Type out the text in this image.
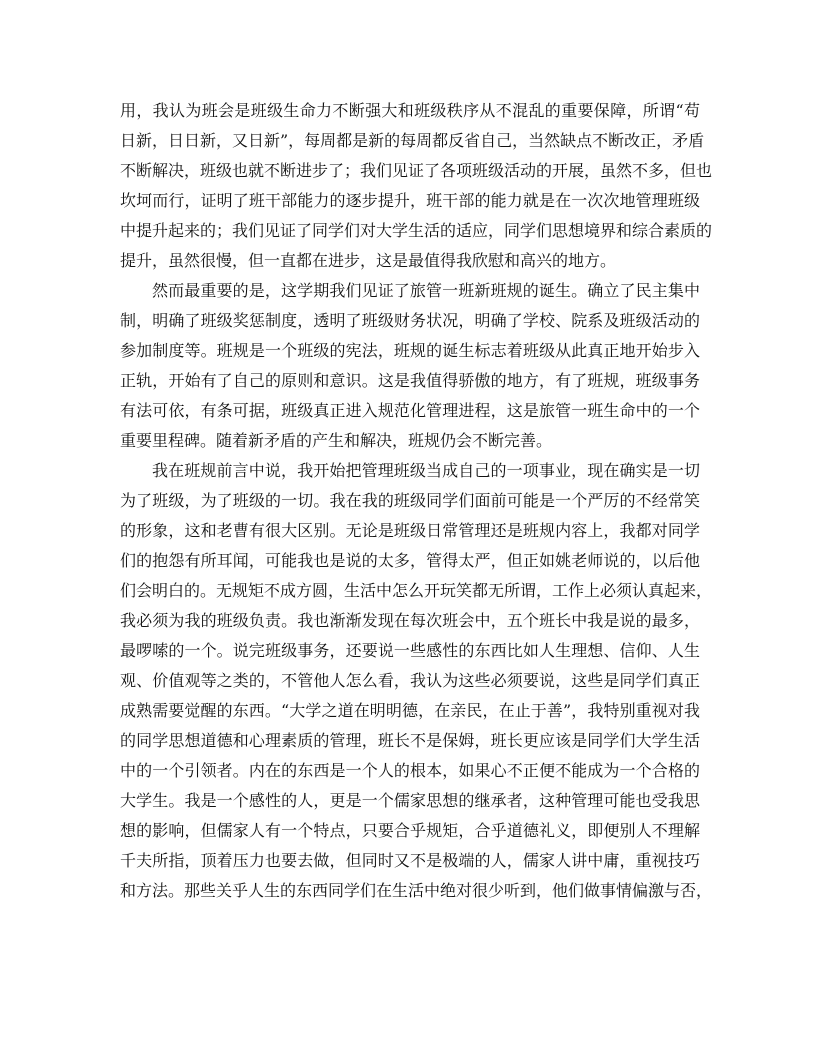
用，我认为班会是班级生命力不断强大和班级秩序从不混乱的重要保障，所谓“苟
日新，日日新，又日新”，每周都是新的每周都反省自己，当然缺点不断改正，矛盾
不断解决，班级也就不断进步了；我们见证了各项班级活动的开展，虽然不多，但也
坎坷而行，证明了班干部能力的逐步提升，班干部的能力就是在一次次地管理班级
中提升起来的；我们见证了同学们对大学生活的适应，同学们思想境界和综合素质的
提升，虽然很慢，但一直都在进步，这是最值得我欣慰和高兴的地方。
然而最重要的是，这学期我们见证了旅管一班新班规的诞生。确立了民主集中
制，明确了班级奖惩制度，透明了班级财务状况，明确了学校、院系及班级活动的
参加制度等。班规是一个班级的宪法，班规的诞生标志着班级从此真正地开始步入
正轨，开始有了自己的原则和意识。这是我值得骄傲的地方，有了班规，班级事务
有法可依，有条可据，班级真正进入规范化管理进程，这是旅管一班生命中的一个
重要里程碑。随着新矛盾的产生和解决，班规仍会不断完善。
我在班规前言中说，我开始把管理班级当成自己的一项事业，现在确实是一切
为了班级，为了班级的一切。我在我的班级同学们面前可能是一个严厉的不经常笑
的形象，这和老曹有很大区别。无论是班级日常管理还是班规内容上，我都对同学
们的抱怨有所耳闻，可能我也是说的太多，管得太严，但正如姚老师说的，以后他
们会明白的。无规矩不成方圆，生活中怎么开玩笑都无所谓，工作上必须认真起来，
我必须为我的班级负责。我也渐渐发现在每次班会中，五个班长中我是说的最多，
最啰嗦的一个。说完班级事务，还要说一些感性的东西比如人生理想、信仰、人生
观、价值观等之类的，不管他人怎么看，我认为这些必须要说，这些是同学们真正
成熟需要觉醒的东西。“大学之道在明明德，在亲民，在止于善”，我特别重视对我
的同学思想道德和心理素质的管理，班长不是保姆，班长更应该是同学们大学生活
中的一个引领者。内在的东西是一个人的根本，如果心不正便不能成为一个合格的
大学生。我是一个感性的人，更是一个儒家思想的继承者，这种管理可能也受我思
想的影响，但儒家人有一个特点，只要合乎规矩，合乎道德礼义，即便别人不理解
千夫所指，顶着压力也要去做，但同时又不是极端的人，儒家人讲中庸，重视技巧
和方法。那些关乎人生的东西同学们在生活中绝对很少听到，他们做事情偏激与否，
